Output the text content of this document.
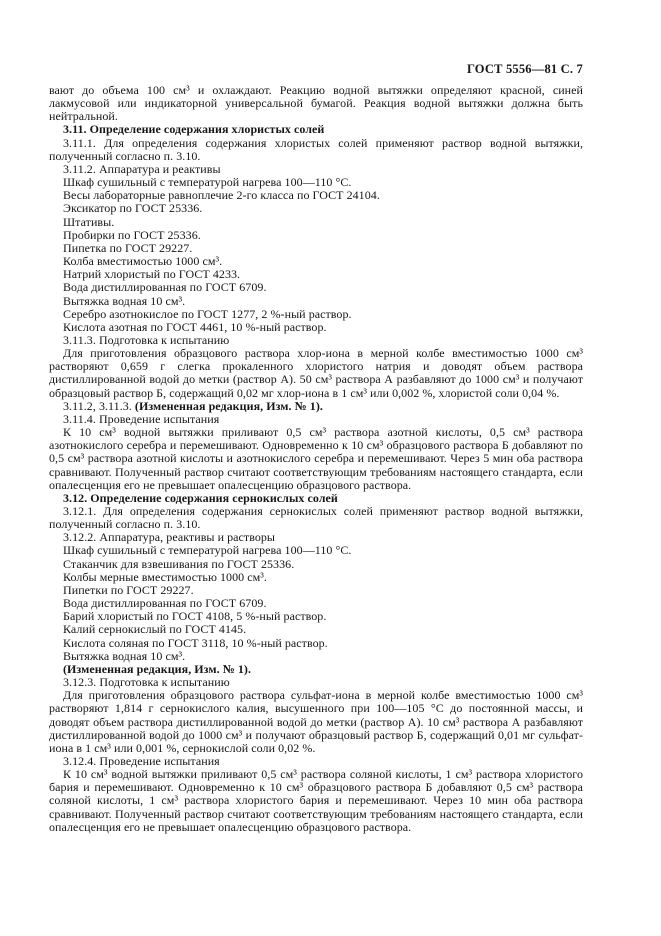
ГОСТ 5556—81 С. 7

вают до объема 100 см³ и охлаждают. Реакцию водной вытяжки определяют красной, синей лакмусовой или индикаторной универсальной бумагой. Реакция водной вытяжки должна быть нейтральной.

3.11. Определение содержания хлористых солей

3.11.1. Для определения содержания хлористых солей применяют раствор водной вытяжки, полученный согласно п. 3.10.

3.11.2. Аппаратура и реактивы

Шкаф сушильный с температурой нагрева 100—110 °С.

Весы лабораторные равноплечие 2-го класса по ГОСТ 24104.

Эксикатор по ГОСТ 25336.

Штативы.

Пробирки по ГОСТ 25336.

Пипетка по ГОСТ 29227.

Колба вместимостью 1000 см³.

Натрий хлористый по ГОСТ 4233.

Вода дистиллированная по ГОСТ 6709.

Вытяжка водная 10 см³.

Серебро азотнокислое по ГОСТ 1277, 2 %-ный раствор.

Кислота азотная по ГОСТ 4461, 10 %-ный раствор.

3.11.3. Подготовка к испытанию

Для приготовления образцового раствора хлор-иона в мерной колбе вместимостью 1000 см³ растворяют 0,659 г слегка прокаленного хлористого натрия и доводят объем раствора дистиллированной водой до метки (раствор А). 50 см³ раствора А разбавляют до 1000 см³ и получают образцовый раствор Б, содержащий 0,02 мг хлор-иона в 1 см³ или 0,002 %, хлористой соли 0,04 %.

3.11.2, 3.11.3. (Измененная редакция, Изм. № 1).

3.11.4. Проведение испытания

К 10 см³ водной вытяжки приливают 0,5 см³ раствора азотной кислоты, 0,5 см³ раствора азотнокислого серебра и перемешивают. Одновременно к 10 см³ образцового раствора Б добавляют по 0,5 см³ раствора азотной кислоты и азотнокислого серебра и перемешивают. Через 5 мин оба раствора сравнивают. Полученный раствор считают соответствующим требованиям настоящего стандарта, если опалесценция его не превышает опалесценцию образцового раствора.

3.12. Определение содержания сернокислых солей

3.12.1. Для определения содержания сернокислых солей применяют раствор водной вытяжки, полученный согласно п. 3.10.

3.12.2. Аппаратура, реактивы и растворы

Шкаф сушильный с температурой нагрева 100—110 °С.

Стаканчик для взвешивания по ГОСТ 25336.

Колбы мерные вместимостью 1000 см³.

Пипетки по ГОСТ 29227.

Вода дистиллированная по ГОСТ 6709.

Барий хлористый по ГОСТ 4108, 5 %-ный раствор.

Калий сернокислый по ГОСТ 4145.

Кислота соляная по ГОСТ 3118, 10 %-ный раствор.

Вытяжка водная 10 см³.

(Измененная редакция, Изм. № 1).

3.12.3. Подготовка к испытанию

Для приготовления образцового раствора сульфат-иона в мерной колбе вместимостью 1000 см³ растворяют 1,814 г сернокислого калия, высушенного при 100—105 °С до постоянной массы, и доводят объем раствора дистиллированной водой до метки (раствор А). 10 см³ раствора А разбавляют дистиллированной водой до 1000 см³ и получают образцовый раствор Б, содержащий 0,01 мг сульфат-иона в 1 см³ или 0,001 %, сернокислой соли 0,02 %.

3.12.4. Проведение испытания

К 10 см³ водной вытяжки приливают 0,5 см³ раствора соляной кислоты, 1 см³ раствора хлористого бария и перемешивают. Одновременно к 10 см³ образцового раствора Б добавляют 0,5 см³ раствора соляной кислоты, 1 см³ раствора хлористого бария и перемешивают. Через 10 мин оба раствора сравнивают. Полученный раствор считают соответствующим требованиям настоящего стандарта, если опалесценция его не превышает опалесценцию образцового раствора.
